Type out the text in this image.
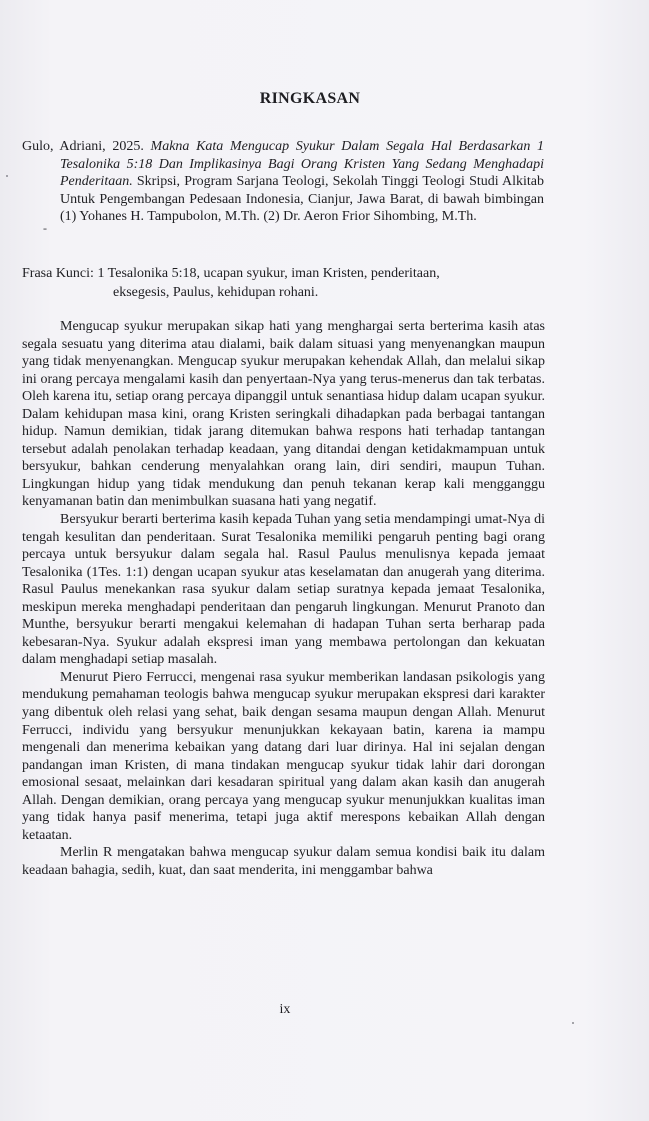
RINGKASAN
Gulo, Adriani, 2025. Makna Kata Mengucap Syukur Dalam Segala Hal Berdasarkan 1 Tesalonika 5:18 Dan Implikasinya Bagi Orang Kristen Yang Sedang Menghadapi Penderitaan. Skripsi, Program Sarjana Teologi, Sekolah Tinggi Teologi Studi Alkitab Untuk Pengembangan Pedesaan Indonesia, Cianjur, Jawa Barat, di bawah bimbingan (1) Yohanes H. Tampubolon, M.Th. (2) Dr. Aeron Frior Sihombing, M.Th.
-
Frasa Kunci: 1 Tesalonika 5:18, ucapan syukur, iman Kristen, penderitaan,
eksegesis, Paulus, kehidupan rohani.

Mengucap syukur merupakan sikap hati yang menghargai serta berterima kasih atas segala sesuatu yang diterima atau dialami, baik dalam situasi yang menyenangkan maupun yang tidak menyenangkan. Mengucap syukur merupakan kehendak Allah, dan melalui sikap ini orang percaya mengalami kasih dan penyertaan-Nya yang terus-menerus dan tak terbatas. Oleh karena itu, setiap orang percaya dipanggil untuk senantiasa hidup dalam ucapan syukur. Dalam kehidupan masa kini, orang Kristen seringkali dihadapkan pada berbagai tantangan hidup. Namun demikian, tidak jarang ditemukan bahwa respons hati terhadap tantangan tersebut adalah penolakan terhadap keadaan, yang ditandai dengan ketidakmampuan untuk bersyukur, bahkan cenderung menyalahkan orang lain, diri sendiri, maupun Tuhan. Lingkungan hidup yang tidak mendukung dan penuh tekanan kerap kali mengganggu kenyamanan batin dan menimbulkan suasana hati yang negatif.

Bersyukur berarti berterima kasih kepada Tuhan yang setia mendampingi umat-Nya di tengah kesulitan dan penderitaan. Surat Tesalonika memiliki pengaruh penting bagi orang percaya untuk bersyukur dalam segala hal. Rasul Paulus menulisnya kepada jemaat Tesalonika (1Tes. 1:1) dengan ucapan syukur atas keselamatan dan anugerah yang diterima. Rasul Paulus menekankan rasa syukur dalam setiap suratnya kepada jemaat Tesalonika, meskipun mereka menghadapi penderitaan dan pengaruh lingkungan. Menurut Pranoto dan Munthe, bersyukur berarti mengakui kelemahan di hadapan Tuhan serta berharap pada kebesaran-Nya. Syukur adalah ekspresi iman yang membawa pertolongan dan kekuatan dalam menghadapi setiap masalah.

Menurut Piero Ferrucci, mengenai rasa syukur memberikan landasan psikologis yang mendukung pemahaman teologis bahwa mengucap syukur merupakan ekspresi dari karakter yang dibentuk oleh relasi yang sehat, baik dengan sesama maupun dengan Allah. Menurut Ferrucci, individu yang bersyukur menunjukkan kekayaan batin, karena ia mampu mengenali dan menerima kebaikan yang datang dari luar dirinya. Hal ini sejalan dengan pandangan iman Kristen, di mana tindakan mengucap syukur tidak lahir dari dorongan emosional sesaat, melainkan dari kesadaran spiritual yang dalam akan kasih dan anugerah Allah. Dengan demikian, orang percaya yang mengucap syukur menunjukkan kualitas iman yang tidak hanya pasif menerima, tetapi juga aktif merespons kebaikan Allah dengan ketaatan.

Merlin R mengatakan bahwa mengucap syukur dalam semua kondisi baik itu dalam keadaan bahagia, sedih, kuat, dan saat menderita, ini menggambar bahwa

ix
